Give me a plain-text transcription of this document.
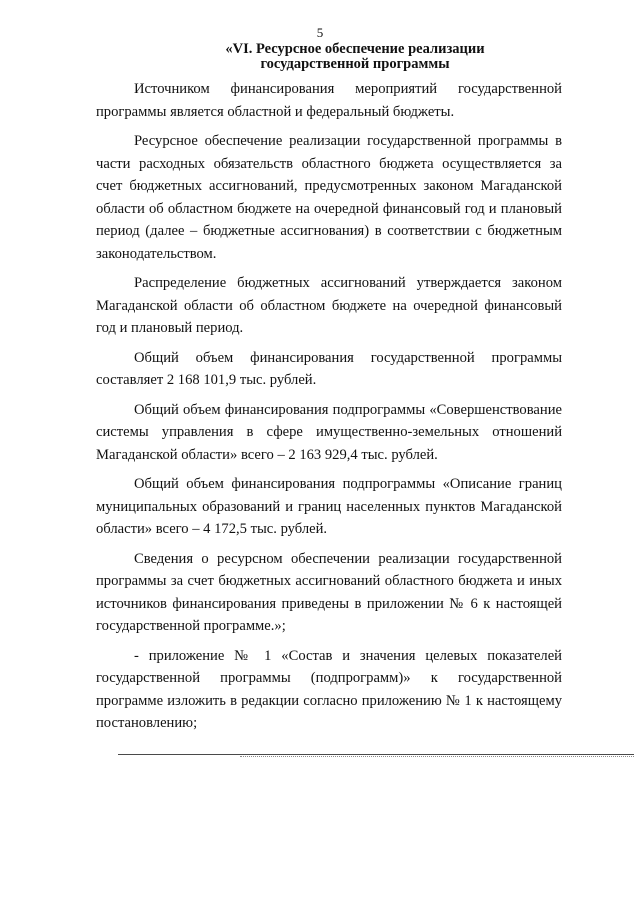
5
«VI. Ресурсное обеспечение реализации
государственной программы

Источником финансирования мероприятий государственной программы является областной и федеральный бюджеты.

Ресурсное обеспечение реализации государственной программы в части расходных обязательств областного бюджета осуществляется за счет бюджетных ассигнований, предусмотренных законом Магаданской области об областном бюджете на очередной финансовый год и плановый период (далее – бюджетные ассигнования) в соответствии с бюджетным законодательством.

Распределение бюджетных ассигнований утверждается законом Магаданской области об областном бюджете на очередной финансовый год и плановый период.

Общий объем финансирования государственной программы составляет 2 168 101,9 тыс. рублей.

Общий объем финансирования подпрограммы «Совершенствование системы управления в сфере имущественно-земельных отношений Магаданской области» всего – 2 163 929,4 тыс. рублей.

Общий объем финансирования подпрограммы «Описание границ муниципальных образований и границ населенных пунктов Магаданской области» всего – 4 172,5 тыс. рублей.

Сведения о ресурсном обеспечении реализации государственной программы за счет бюджетных ассигнований областного бюджета и иных источников финансирования приведены в приложении № 6 к настоящей государственной программе.»;

- приложение № 1 «Состав и значения целевых показателей государственной программы (подпрограмм)» к государственной программе изложить в редакции согласно приложению № 1 к настоящему постановлению;
